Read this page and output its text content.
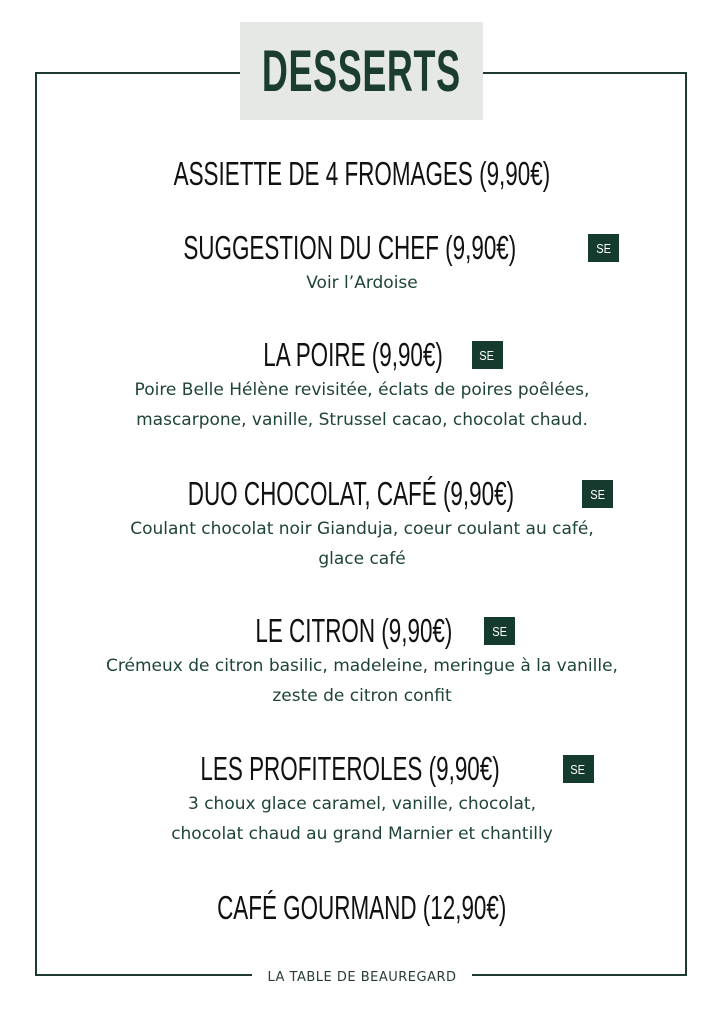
DESSERTS
ASSIETTE DE 4 FROMAGES (9,90€)
SUGGESTION DU CHEF (9,90€)	SE
Voir l’Ardoise
LA POIRE (9,90€)	SE
Poire Belle Hélène revisitée, éclats de poires poêlées,
mascarpone, vanille, Strussel cacao, chocolat chaud.
DUO CHOCOLAT, CAFÉ (9,90€)	SE
Coulant chocolat noir Gianduja, coeur coulant au café,
glace café
LE CITRON (9,90€)	SE
Crémeux de citron basilic, madeleine, meringue à la vanille,
zeste de citron confit
LES PROFITEROLES (9,90€)	SE
3 choux glace caramel, vanille, chocolat,
chocolat chaud au grand Marnier et chantilly
CAFÉ GOURMAND (12,90€)
LA TABLE DE BEAUREGARD
